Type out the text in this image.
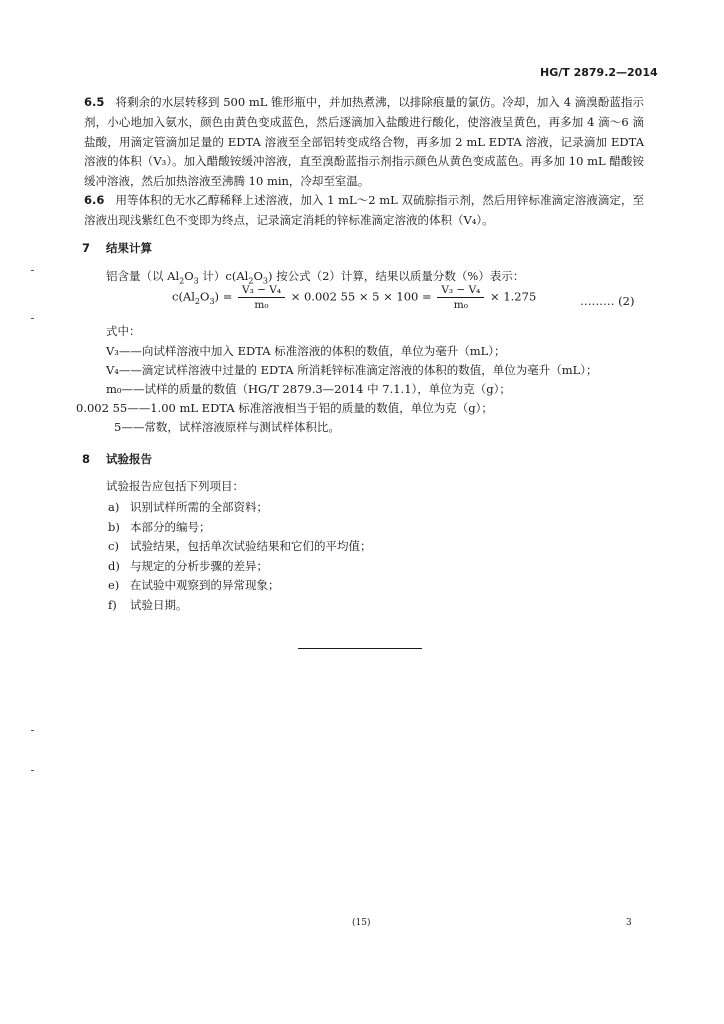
HG/T 2879.2—2014
6.5 将剩余的水层转移到 500 mL 锥形瓶中，并加热煮沸，以排除痕量的氯仿。冷却，加入 4 滴溴酚蓝指示剂，小心地加入氨水，颜色由黄色变成蓝色，然后逐滴加入盐酸进行酸化，使溶液呈黄色，再多加 4 滴～6 滴盐酸，用滴定管滴加足量的 EDTA 溶液至全部铝转变成络合物，再多加 2 mL EDTA 溶液，记录滴加 EDTA 溶液的体积（V₃）。加入醋酸铵缓冲溶液，直至溴酚蓝指示剂指示颜色从黄色变成蓝色。再多加 10 mL 醋酸铵缓冲溶液，然后加热溶液至沸腾 10 min，冷却至室温。
6.6 用等体积的无水乙醇稀释上述溶液，加入 1 mL～2 mL 双硫腙指示剂，然后用锌标准滴定溶液滴定，至溶液出现浅紫红色不变即为终点，记录滴定消耗的锌标准滴定溶液的体积（V₄）。
7 结果计算
铝含量（以 $Al_2O_3$ 计）$c(Al_2O_3)$ 按公式（2）计算，结果以质量分数（%）表示：
$c(Al_2O_3) = \frac{\text{V₃ − V₄}}{\text{m₀}} \times 0.002$ $55 \times 5 \times 100 = \frac{\text{V₃ − V₄}}{\text{m₀}} \times 1.275$	……… (2)
式中：
V₃——向试样溶液中加入 EDTA 标准溶液的体积的数值，单位为毫升（mL）；
V₄——滴定试样溶液中过量的 EDTA 所消耗锌标准滴定溶液的体积的数值，单位为毫升（mL）；
m₀——试样的质量的数值（HG/T 2879.3—2014 中 7.1.1），单位为克（g）；
0.002 55——1.00 mL EDTA 标准溶液相当于铝的质量的数值，单位为克（g）；
5——常数，试样溶液原样与测试样体积比。
8 试验报告
试验报告应包括下列项目：
a) 识别试样所需的全部资料；
b) 本部分的编号；
c) 试验结果，包括单次试验结果和它们的平均值；
d) 与规定的分析步骤的差异；
e) 在试验中观察到的异常现象；
f) 试验日期。
(15)	3
